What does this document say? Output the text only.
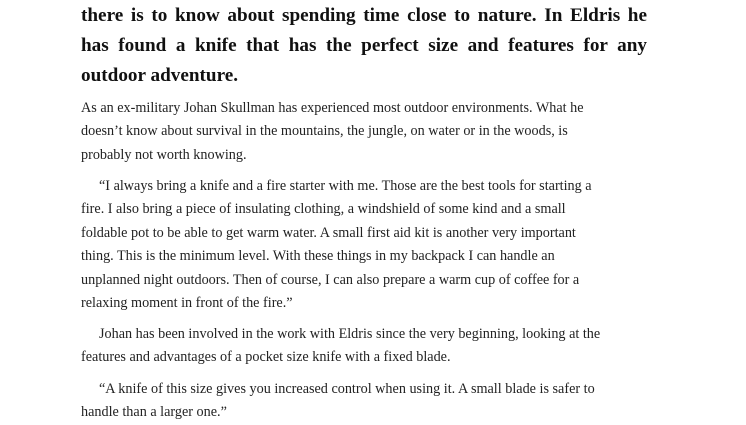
there is to know about spending time close to nature. In Eldris he
has found a knife that has the perfect size and features for any
outdoor adventure.

As an ex-military Johan Skullman has experienced most outdoor environments. What he
doesn’t know about survival in the mountains, the jungle, on water or in the woods, is
probably not worth knowing.

“I always bring a knife and a fire starter with me. Those are the best tools for starting a
fire. I also bring a piece of insulating clothing, a windshield of some kind and a small
foldable pot to be able to get warm water. A small first aid kit is another very important
thing. This is the minimum level. With these things in my backpack I can handle an
unplanned night outdoors. Then of course, I can also prepare a warm cup of coffee for a
relaxing moment in front of the fire.”

Johan has been involved in the work with Eldris since the very beginning, looking at the
features and advantages of a pocket size knife with a fixed blade.

“A knife of this size gives you increased control when using it. A small blade is safer to
handle than a larger one.”
